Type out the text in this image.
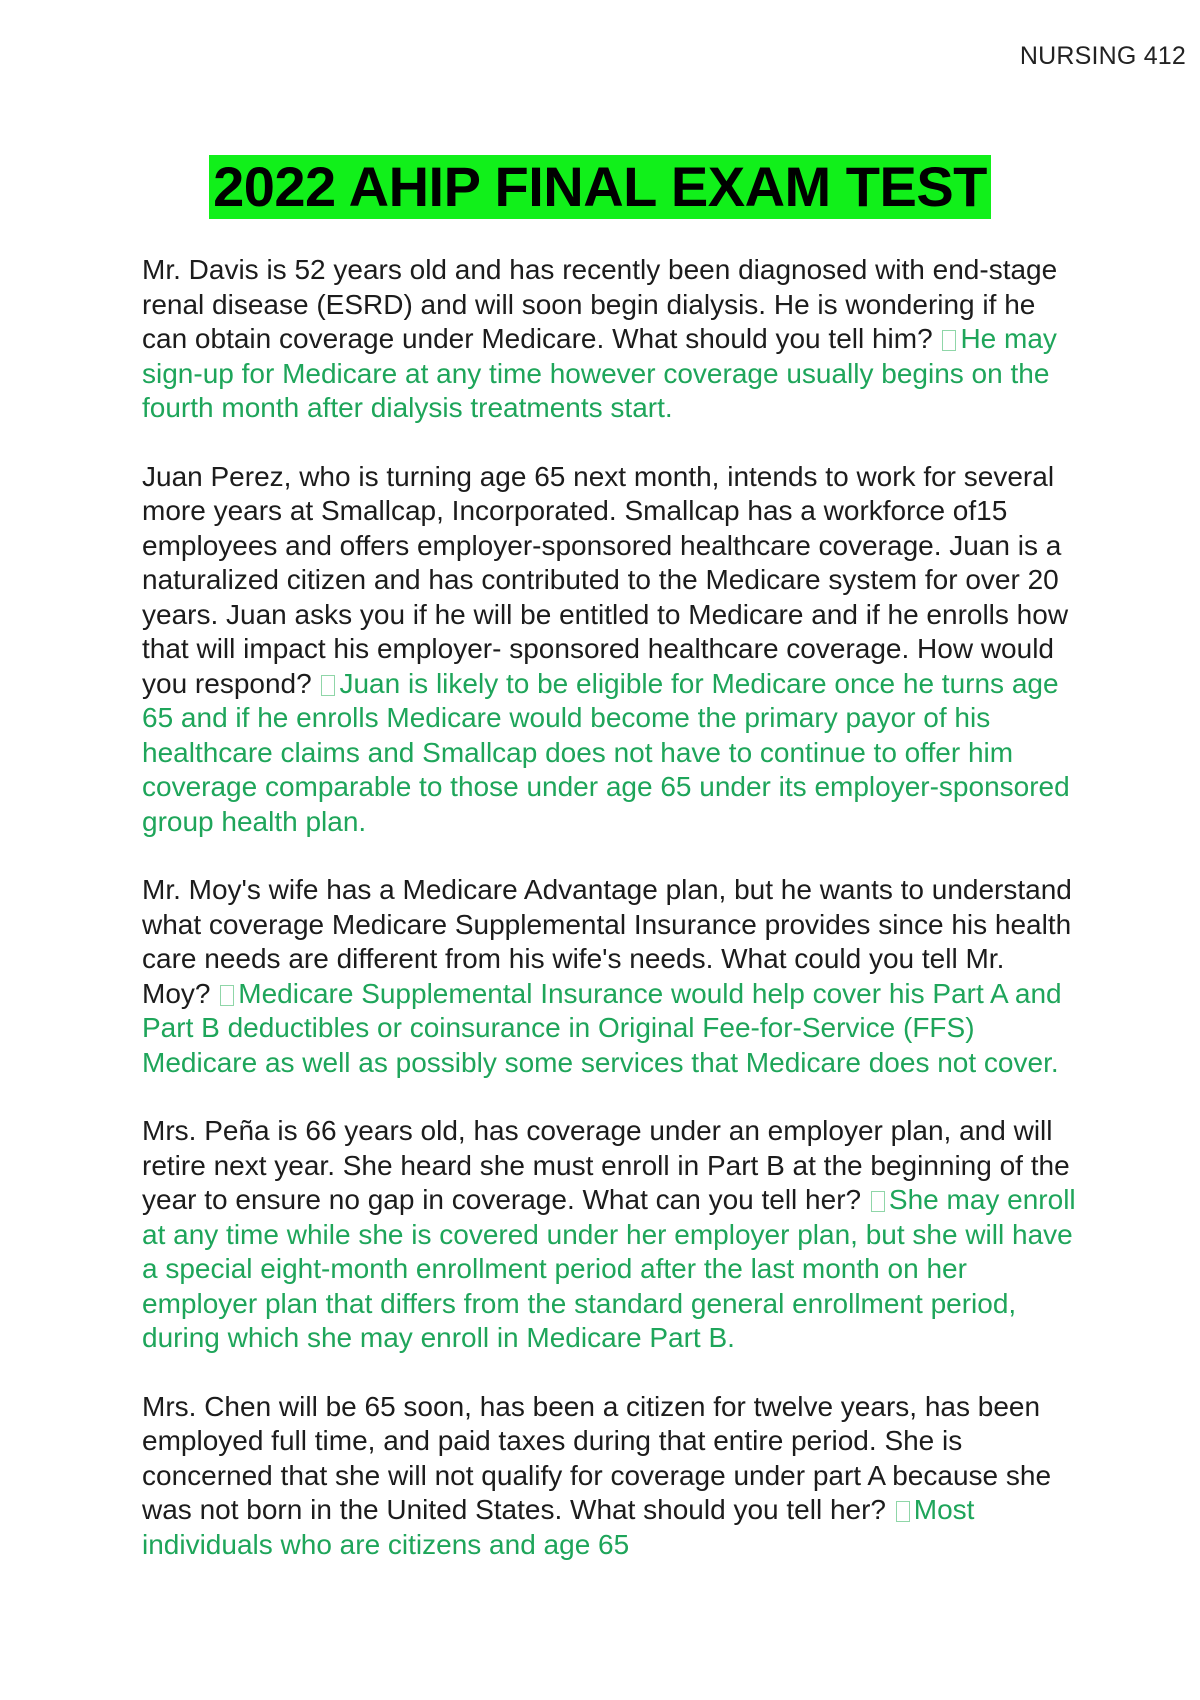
NURSING 412
2022 AHIP FINAL EXAM TEST

Mr. Davis is 52 years old and has recently been diagnosed with end-stage renal disease (ESRD) and will soon begin dialysis. He is wondering if he can obtain coverage under Medicare. What should you tell him? He may sign-up for Medicare at any time however coverage usually begins on the fourth month after dialysis treatments start.

Juan Perez, who is turning age 65 next month, intends to work for several more years at Smallcap, Incorporated. Smallcap has a workforce of15 employees and offers employer-sponsored healthcare coverage. Juan is a naturalized citizen and has contributed to the Medicare system for over 20 years. Juan asks you if he will be entitled to Medicare and if he enrolls how that will impact his employer- sponsored healthcare coverage. How would you respond? Juan is likely to be eligible for Medicare once he turns age 65 and if he enrolls Medicare would become the primary payor of his healthcare claims and Smallcap does not have to continue to offer him coverage comparable to those under age 65 under its employer-sponsored group health plan.

Mr. Moy's wife has a Medicare Advantage plan, but he wants to understand what coverage Medicare Supplemental Insurance provides since his health care needs are different from his wife's needs. What could you tell Mr. Moy? Medicare Supplemental Insurance would help cover his Part A and Part B deductibles or coinsurance in Original Fee-for-Service (FFS) Medicare as well as possibly some services that Medicare does not cover.

Mrs. Peña is 66 years old, has coverage under an employer plan, and will retire next year. She heard she must enroll in Part B at the beginning of the year to ensure no gap in coverage. What can you tell her? She may enroll at any time while she is covered under her employer plan, but she will have a special eight-month enrollment period after the last month on her employer plan that differs from the standard general enrollment period, during which she may enroll in Medicare Part B.

Mrs. Chen will be 65 soon, has been a citizen for twelve years, has been employed full time, and paid taxes during that entire period. She is concerned that she will not qualify for coverage under part A because she was not born in the United States. What should you tell her? Most individuals who are citizens and age 65
